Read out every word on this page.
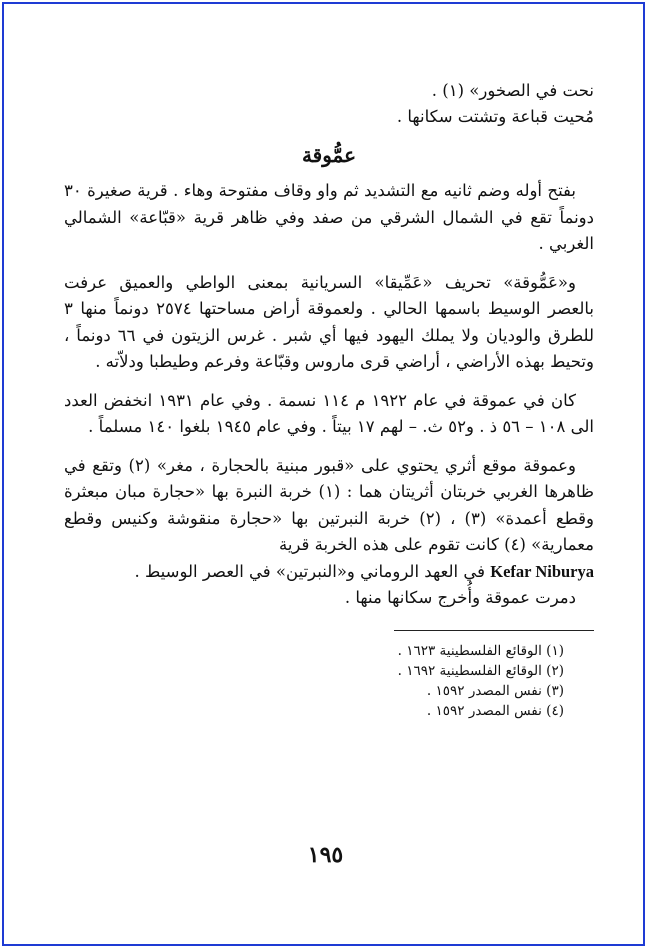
نحت في الصخور» (١) .

مُحيت قباعة وتشتت سكانها .

عمُّوقة

بفتح أوله وضم ثانيه مع التشديد ثم واو وقاف مفتوحة وهاء . قرية صغيرة ٣٠ دونماً تقع في الشمال الشرقي من صفد وفي ظاهر قرية «قبّاعة» الشمالي الغربي .

و«عَمُّوقة» تحريف «عَمِّيقا» السريانية بمعنى الواطي والعميق عرفت بالعصر الوسيط باسمها الحالي . ولعموقة أراض مساحتها ٢٥٧٤ دونماً منها ٣ للطرق والوديان ولا يملك اليهود فيها أي شبر . غرس الزيتون في ٦٦ دونماً ، وتحيط بهذه الأراضي ، أراضي قرى ماروس وقبّاعة وفرعم وطيطبا ودلاّته .

كان في عموقة في عام ١٩٢٢ م ١١٤ نسمة . وفي عام ١٩٣١ انخفض العدد الى ١٠٨ – ٥٦ ذ . و٥٢ ث. – لهم ١٧ بيتاً . وفي عام ١٩٤٥ بلغوا ١٤٠ مسلماً .

وعموقة موقع أثري يحتوي على «قبور مبنية بالحجارة ، مغر» (٢) وتقع في ظاهرها الغربي خربتان أثريتان هما : (١) خربة النبرة بها «حجارة مبان مبعثرة وقطع أعمدة» (٣) ، (٢) خربة النبرتين بها «حجارة منقوشة وكنيس وقطع معمارية» (٤) كانت تقوم على هذه الخربة قرية

Kefar Niburya في العهد الروماني و«النبرتين» في العصر الوسيط .

دمرت عموقة وأُخرج سكانها منها .

(١) الوقائع الفلسطينية ١٦٢٣ .

(٢) الوقائع الفلسطينية ١٦٩٢ .

(٣) نفس المصدر ١٥٩٢ .

(٤) نفس المصدر ١٥٩٢ .

١٩٥
